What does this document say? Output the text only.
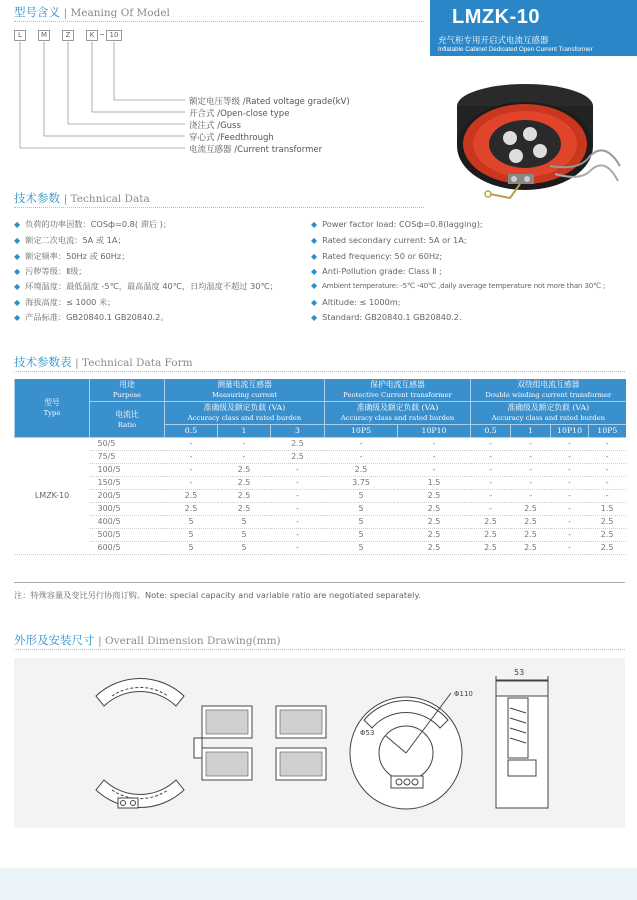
型号含义 | Meaning Of Model
L	M	Z	K	10
额定电压等级 /Rated voltage grade(kV)
开合式 /Open-close type
浇注式 /Guss
穿心式 /Feedthrough
电流互感器 /Current transformer
LMZK-10
充气柜专用开启式电流互感器
Inflatable Cabinet Dedicated Open Current Transformer
技术参数 | Technical Data
◆ 负荷的功率因数：COSф=0.8( 滞后 )；
◆ 额定二次电流：5A 或 1A；
◆ 额定频率：50Hz 或 60Hz；
◆ 污秽等级：Ⅱ级；
◆ 环境温度：最低温度 -5℃，最高温度 40℃，日均温度不超过 30℃；
◆ 海拔高度：≤ 1000 米；
◆ 产品标准：GB20840.1 GB20840.2。
◆ Power factor load: COSф=0.8(lagging);
◆ Rated secondary current: 5A or 1A;
◆ Rated frequency: 50 or 60Hz;
◆ Anti-Pollution grade: Class Ⅱ ;
◆ Ambient temperature: -5℃ -40℃ ,daily average temperature not more than 30℃ ;
◆ Altitude: ≤ 1000m;
◆ Standard: GB20840.1 GB20840.2.
技术参数表 | Technical Data Form
型号
Type	用途
Purpose	测量电流互感器
Measuring current			保护电流互感器
Peotective Current transformer		双绕组电流互感器
Double winding current transformer			

	电流比
Ratio	准确级及额定负载 (VA)
Accuracy class and rated burden			准确级及额定负载 (VA)
Accuracy class and rated burden		准确级及额定负载 (VA)
Accuracy class and rated burden			

		0.5	1	3	10P5	10P10	0.5	1	10P10	10P5
LMZK-10	50/5	-	-	2.5	-	-	-	-	-	-
	75/5	-	-	2.5	-	-	-	-	-	-
	100/5	-	2.5	-	2.5	-	-	-	-	-
	150/5	-	2.5	-	3.75	1.5	-	-	-	-
	200/5	2.5	2.5	-	5	2.5	-	-	-	-
	300/5	2.5	2.5	-	5	2.5	-	2.5	-	1.5
	400/5	5	5	-	5	2.5	2.5	2.5	-	2.5
	500/5	5	5	-	5	2.5	2.5	2.5	-	2.5
	600/5	5	5	-	5	2.5	2.5	2.5	-	2.5
注：特殊容量及变比另行协商订购。Note: special capacity and variable ratio are negotiated separately.
外形及安装尺寸 | Overall Dimension Drawing(mm)
53
Φ110
Φ53
